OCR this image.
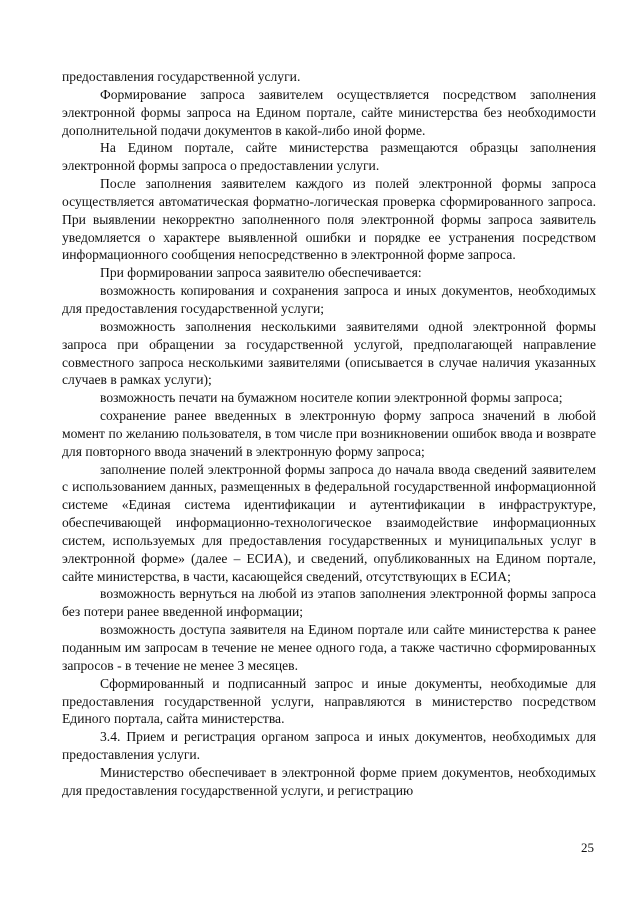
предоставления государственной услуги.

Формирование запроса заявителем осуществляется посредством заполнения электронной формы запроса на Едином портале, сайте министерства без необходимости дополнительной подачи документов в какой-либо иной форме.

На Едином портале, сайте министерства размещаются образцы заполнения электронной формы запроса о предоставлении услуги.

После заполнения заявителем каждого из полей электронной формы запроса осуществляется автоматическая форматно-логическая проверка сформированного запроса. При выявлении некорректно заполненного поля электронной формы запроса заявитель уведомляется о характере выявленной ошибки и порядке ее устранения посредством информационного сообщения непосредственно в электронной форме запроса.

При формировании запроса заявителю обеспечивается:

возможность копирования и сохранения запроса и иных документов, необходимых для предоставления государственной услуги;

возможность заполнения несколькими заявителями одной электронной формы запроса при обращении за государственной услугой, предполагающей направление совместного запроса несколькими заявителями (описывается в случае наличия указанных случаев в рамках услуги);

возможность печати на бумажном носителе копии электронной формы запроса;

сохранение ранее введенных в электронную форму запроса значений в любой момент по желанию пользователя, в том числе при возникновении ошибок ввода и возврате для повторного ввода значений в электронную форму запроса;

заполнение полей электронной формы запроса до начала ввода сведений заявителем с использованием данных, размещенных в федеральной государственной информационной системе «Единая система идентификации и аутентификации в инфраструктуре, обеспечивающей информационно-технологическое взаимодействие информационных систем, используемых для предоставления государственных и муниципальных услуг в электронной форме» (далее – ЕСИА), и сведений, опубликованных на Едином портале, сайте министерства, в части, касающейся сведений, отсутствующих в ЕСИА;

возможность вернуться на любой из этапов заполнения электронной формы запроса без потери ранее введенной информации;

возможность доступа заявителя на Едином портале или сайте министерства к ранее поданным им запросам в течение не менее одного года, а также частично сформированных запросов - в течение не менее 3 месяцев.

Сформированный и подписанный запрос и иные документы, необходимые для предоставления государственной услуги, направляются в министерство посредством Единого портала, сайта министерства.

3.4. Прием и регистрация органом запроса и иных документов, необходимых для предоставления услуги.

Министерство обеспечивает в электронной форме прием документов, необходимых для предоставления государственной услуги, и регистрацию

25
